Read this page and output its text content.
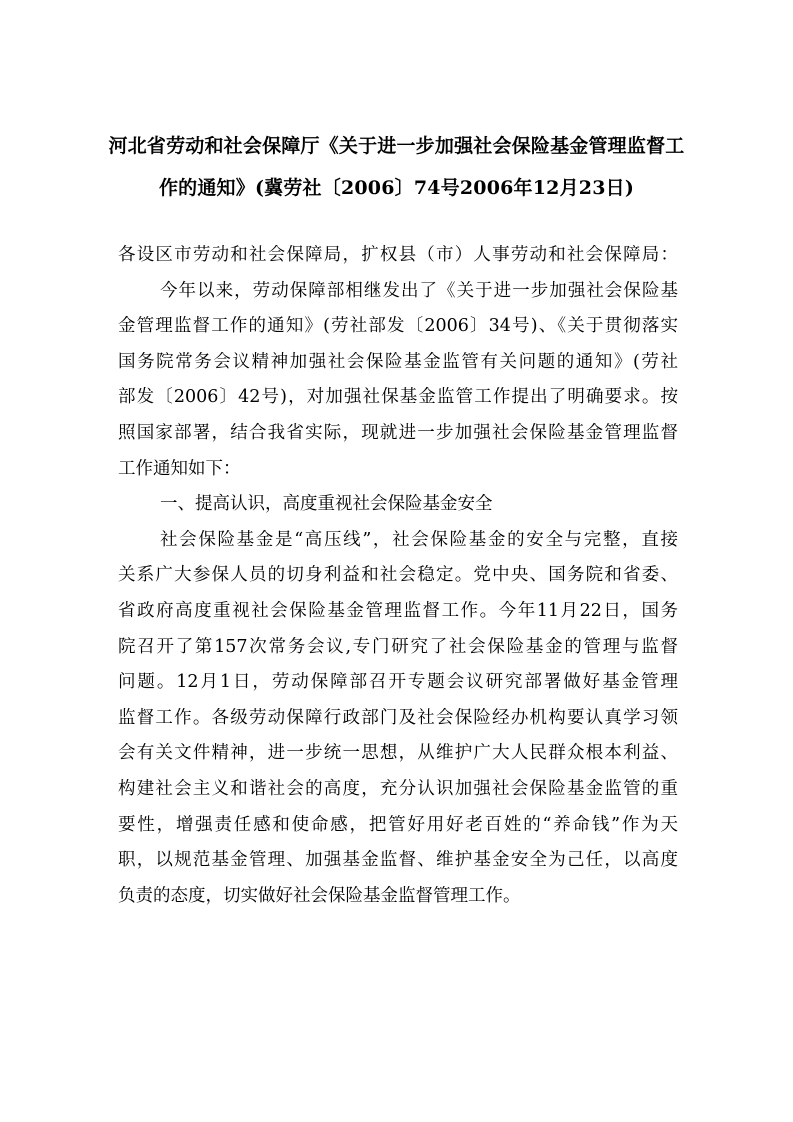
河北省劳动和社会保障厅《关于进一步加强社会保险基金管理监督工
作的通知》(冀劳社〔2006〕74号2006年12月23日)
各设区市劳动和社会保障局，扩权县（市）人事劳动和社会保障局：
今年以来，劳动保障部相继发出了《关于进一步加强社会保险基
金管理监督工作的通知》(劳社部发〔2006〕34号)、《关于贯彻落实
国务院常务会议精神加强社会保险基金监管有关问题的通知》(劳社
部发〔2006〕42号)，对加强社保基金监管工作提出了明确要求。按
照国家部署，结合我省实际，现就进一步加强社会保险基金管理监督
工作通知如下：
一、提高认识，高度重视社会保险基金安全
社会保险基金是“高压线”，社会保险基金的安全与完整，直接
关系广大参保人员的切身利益和社会稳定。党中央、国务院和省委、
省政府高度重视社会保险基金管理监督工作。今年11月22日，国务
院召开了第157次常务会议,专门研究了社会保险基金的管理与监督
问题。12月1日，劳动保障部召开专题会议研究部署做好基金管理
监督工作。各级劳动保障行政部门及社会保险经办机构要认真学习领
会有关文件精神，进一步统一思想，从维护广大人民群众根本利益、
构建社会主义和谐社会的高度，充分认识加强社会保险基金监管的重
要性，增强责任感和使命感，把管好用好老百姓的“养命钱”作为天
职，以规范基金管理、加强基金监督、维护基金安全为己任，以高度
负责的态度，切实做好社会保险基金监督管理工作。
